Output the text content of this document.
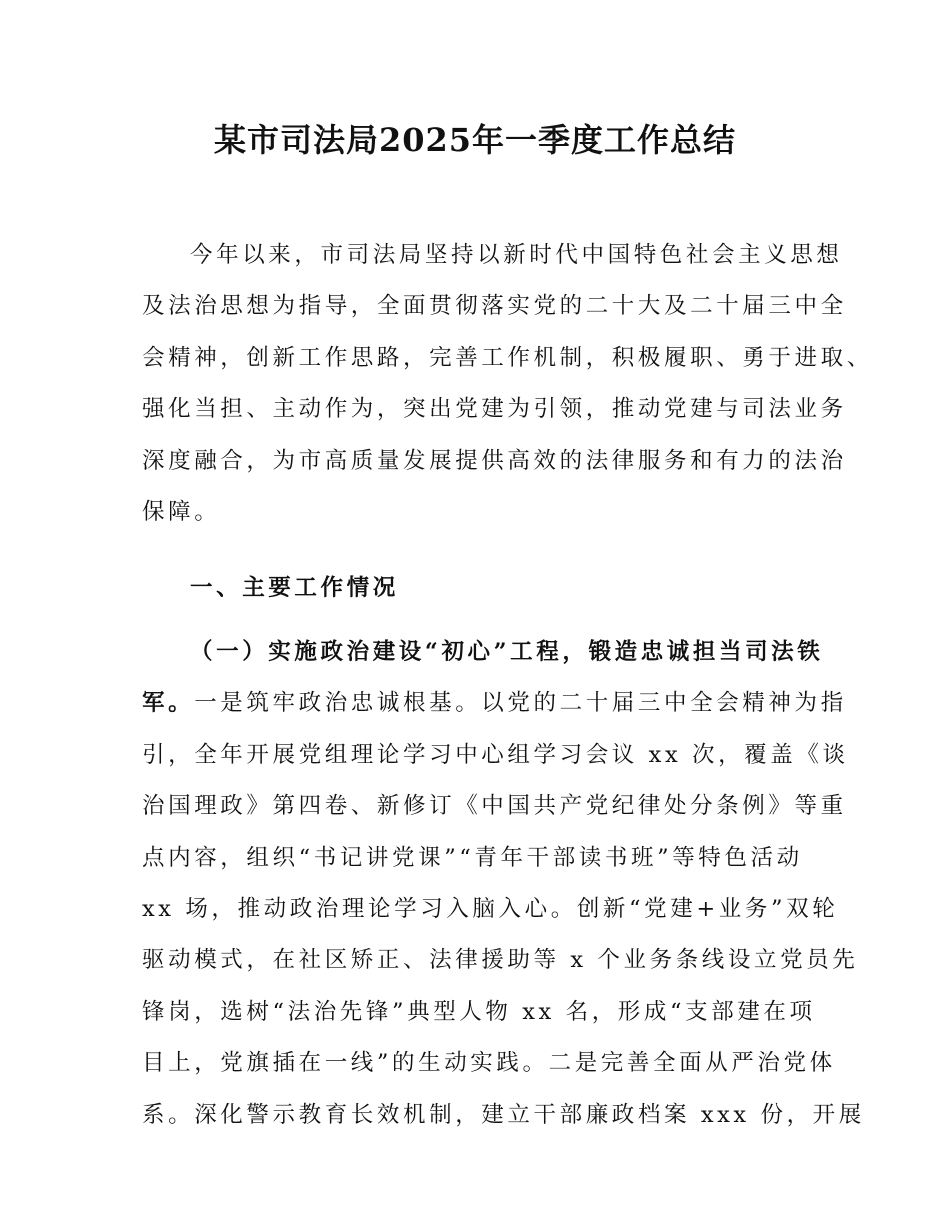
某市司法局2025年一季度工作总结
今年以来，市司法局坚持以新时代中国特色社会主义思想
及法治思想为指导，全面贯彻落实党的二十大及二十届三中全
会精神，创新工作思路，完善工作机制，积极履职、勇于进取、
强化当担、主动作为，突出党建为引领，推动党建与司法业务
深度融合，为市高质量发展提供高效的法律服务和有力的法治
保障。
一、主要工作情况
（一）实施政治建设“初心”工程，锻造忠诚担当司法铁
军。一是筑牢政治忠诚根基。以党的二十届三中全会精神为指
引，全年开展党组理论学习中心组学习会议 xx 次，覆盖《谈
治国理政》第四卷、新修订《中国共产党纪律处分条例》等重
点内容，组织“书记讲党课”“青年干部读书班”等特色活动
xx 场，推动政治理论学习入脑入心。创新“党建+业务”双轮
驱动模式，在社区矫正、法律援助等 x 个业务条线设立党员先
锋岗，选树“法治先锋”典型人物 xx 名，形成“支部建在项
目上，党旗插在一线”的生动实践。二是完善全面从严治党体
系。深化警示教育长效机制，建立干部廉政档案 xxx 份，开展
